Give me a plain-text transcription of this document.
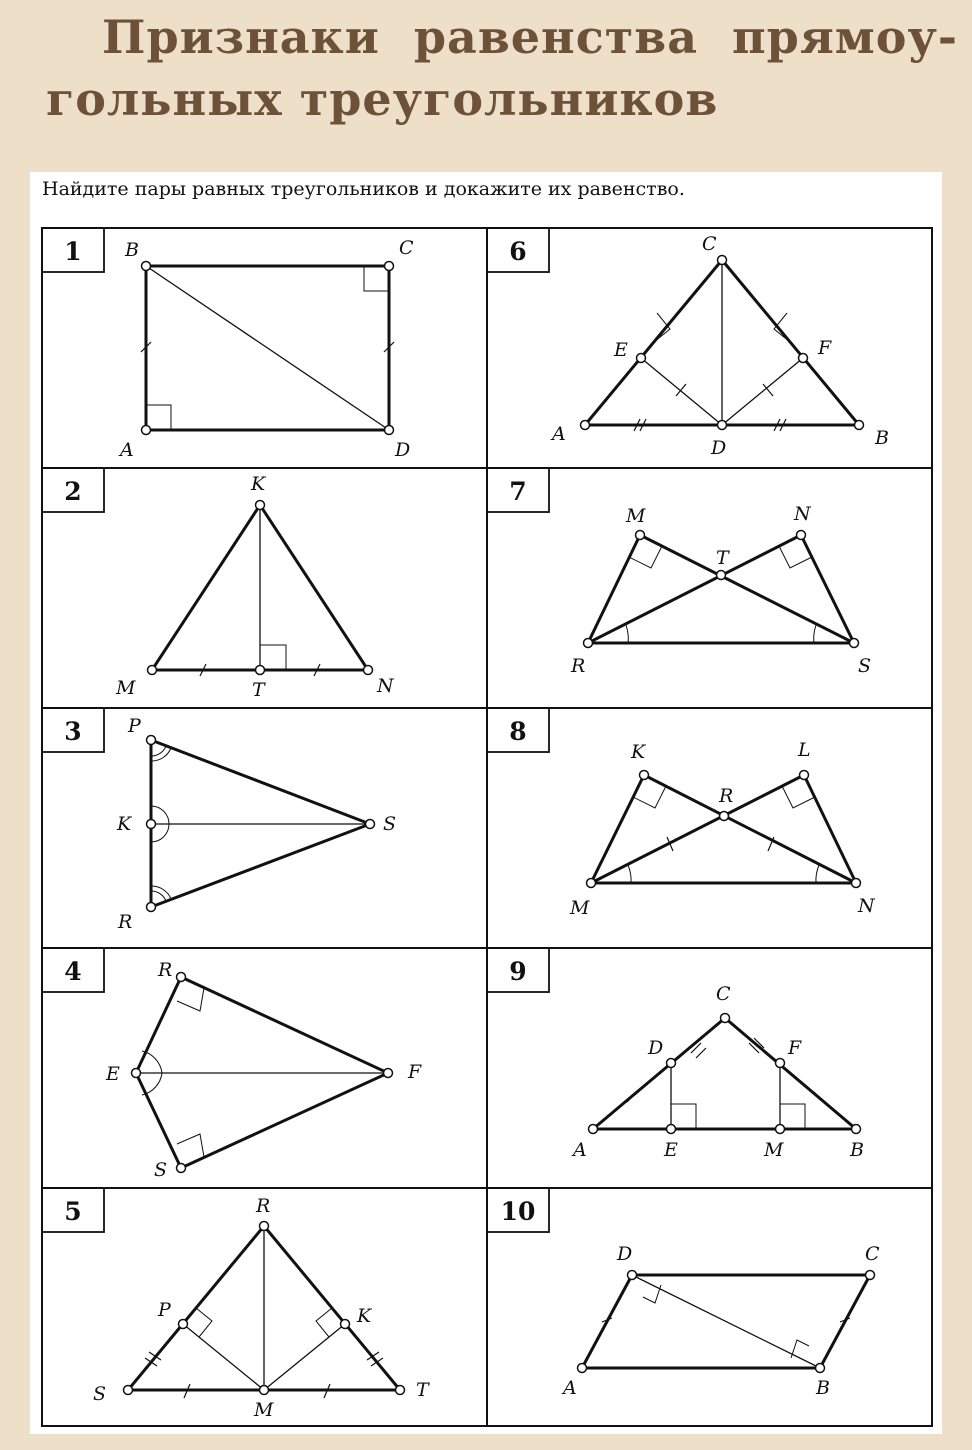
Признаки равенства прямоу-
гольных треугольников
1	6
2	7
3	8
4	9
5	10
B	C
A	D
C
E	F
A
D	B
K
M	T	N
M	N
T
R	S
P
K	S
R
K	L
R
M	N
R
E	F
S
C
D	F
A	E	M	B
R
P	K
S
M
T
D	C
A	B
Найдите пары равных треугольников и докажите их равенство.
